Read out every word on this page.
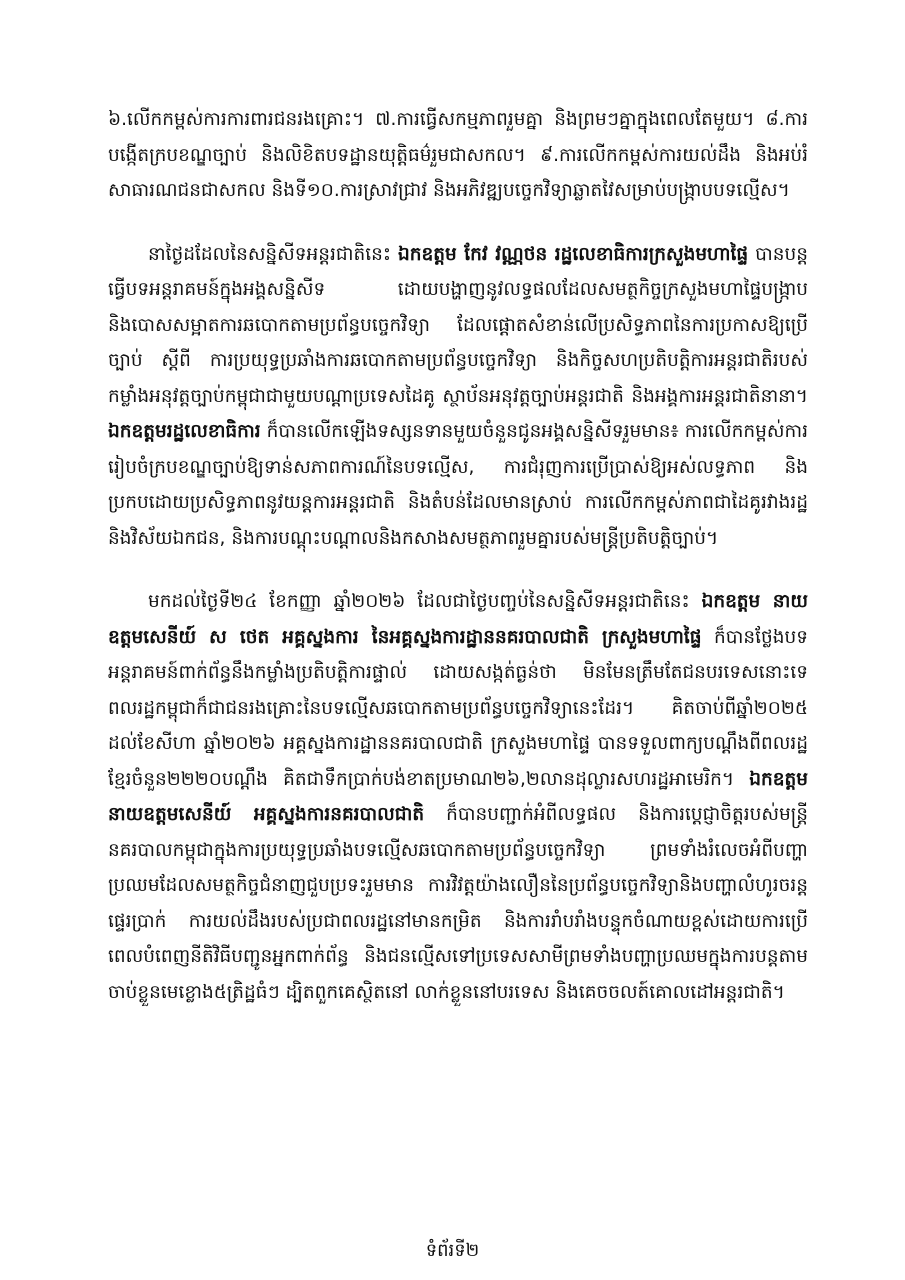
៦.លើកកម្ពស់ការការពារជនរងគ្រោះ។ ៧.ការធ្វើសកម្មភាពរួមគ្នា និងព្រមៗគ្នាក្នុងពេលតែមួយ។ ៨.ការបង្កើតក្របខណ្ឌច្បាប់ និងលិខិតបទដ្ឋានយុត្តិធម៌រួមជាសកល។ ៩.ការលើកកម្ពស់ការយល់ដឹង និងអប់រំសាធារណជនជាសកល និងទី១០.ការស្រាវជ្រាវ និងអភិវឌ្ឍបច្ចេកវិទ្យាឆ្លាតវៃសម្រាប់បង្ក្រាបបទល្មើស។

នាថ្ងៃដដែលនៃសន្និសីទអន្តរជាតិនេះ ឯកឧត្តម កែវ វណ្ណថន រដ្ឋលេខាធិការក្រសួងមហាផ្ទៃ បានបន្តធ្វើបទអន្តរាគមន៍ក្នុងអង្គសន្និសីទ ដោយបង្ហាញនូវលទ្ធផលដែលសមត្ថកិច្ចក្រសួងមហាផ្ទៃបង្ក្រាប និងបោសសម្អាតការឆបោកតាមប្រព័ន្ធបច្ចេកវិទ្យា ដែលផ្តោតសំខាន់លើប្រសិទ្ធភាពនៃការប្រកាសឱ្យប្រើច្បាប់ ស្តីពី ការប្រយុទ្ធប្រឆាំងការឆបោកតាមប្រព័ន្ធបច្ចេកវិទ្យា និងកិច្ចសហប្រតិបត្តិការអន្តរជាតិរបស់កម្លាំងអនុវត្តច្បាប់កម្ពុជាជាមួយបណ្តាប្រទេសដៃគូ ស្ថាប័នអនុវត្តច្បាប់អន្តរជាតិ និងអង្គការអន្តរជាតិនានា។ ឯកឧត្តមរដ្ឋលេខាធិការ ក៏បានលើកឡើងទស្សនទានមួយចំនួនជូនអង្គសន្និសីទរួមមាន៖ ការលើកកម្ពស់ការរៀបចំក្របខណ្ឌច្បាប់ឱ្យទាន់សភាពការណ៍នៃបទល្មើស, ការជំរុញការប្រើប្រាស់ឱ្យអស់លទ្ធភាព និងប្រកបដោយប្រសិទ្ធភាពនូវយន្តការអន្តរជាតិ និងតំបន់ដែលមានស្រាប់ ការលើកកម្ពស់ភាពជាដៃគូរវាងរដ្ឋនិងវិស័យឯកជន, និងការបណ្តុះបណ្តាលនិងកសាងសមត្ថភាពរួមគ្នារបស់មន្ត្រីប្រតិបត្តិច្បាប់។

មកដល់ថ្ងៃទី២៤ ខែកញ្ញា ឆ្នាំ២០២៦ ដែលជាថ្ងៃបញ្ចប់នៃសន្និសីទអន្តរជាតិនេះ ឯកឧត្តម នាយឧត្តមសេនីយ៍ ស ថេត អគ្គស្នងការ នៃអគ្គស្នងការដ្ឋាននគរបាលជាតិ ក្រសួងមហាផ្ទៃ ក៏បានថ្លែងបទអន្តរាគមន៍ពាក់ព័ន្ធនឹងកម្លាំងប្រតិបត្តិការផ្ទាល់ ដោយសង្កត់ធ្ងន់ថា មិនមែនត្រឹមតែជនបរទេសនោះទេ ពលរដ្ឋកម្ពុជាក៏ជាជនរងគ្រោះនៃបទល្មើសឆបោកតាមប្រព័ន្ធបច្ចេកវិទ្យានេះដែរ។ គិតចាប់ពីឆ្នាំ២០២៥ ដល់ខែសីហា ឆ្នាំ២០២៦ អគ្គស្នងការដ្ឋាននគរបាលជាតិ ក្រសួងមហាផ្ទៃ បានទទួលពាក្យបណ្តឹងពីពលរដ្ឋខ្មែរចំនួន២២២០បណ្តឹង គិតជាទឹកប្រាក់បង់ខាតប្រមាណ២៦,២លានដុល្លារសហរដ្ឋអាមេរិក។ ឯកឧត្តម នាយឧត្តមសេនីយ៍ អគ្គស្នងការនគរបាលជាតិ ក៏បានបញ្ជាក់អំពីលទ្ធផល និងការប្តេជ្ញាចិត្តរបស់មន្ត្រីនគរបាលកម្ពុជាក្នុងការប្រយុទ្ធប្រឆាំងបទល្មើសឆបោកតាមប្រព័ន្ធបច្ចេកវិទ្យា ព្រមទាំងរំលេចអំពីបញ្ហាប្រឈមដែលសមត្ថកិច្ចជំនាញជួបប្រទះរួមមាន ការវិវត្តយ៉ាងលឿននៃប្រព័ន្ធបច្ចេកវិទ្យានិងបញ្ហាលំហូរចរន្តផ្ទេរប្រាក់ ការយល់ដឹងរបស់ប្រជាពលរដ្ឋនៅមានកម្រិត និងការរាំបរាំងបន្ទុកចំណាយខ្ពស់ដោយការប្រើពេលបំពេញនីតិវិធីបញ្ជូនអ្នកពាក់ព័ន្ធ និងជនល្មើសទៅប្រទេសសាមីព្រមទាំងបញ្ហាប្រឈមក្នុងការបន្តតាមចាប់ខ្លួនមេខ្លោង៥ត្រិដ្ឋធំៗ ដ្បិតពួកគេស្ថិតនៅ លាក់ខ្លួននៅបរទេស និងគេចចលត៍គោលដៅអន្តរជាតិ។

ទំព័រទី២
